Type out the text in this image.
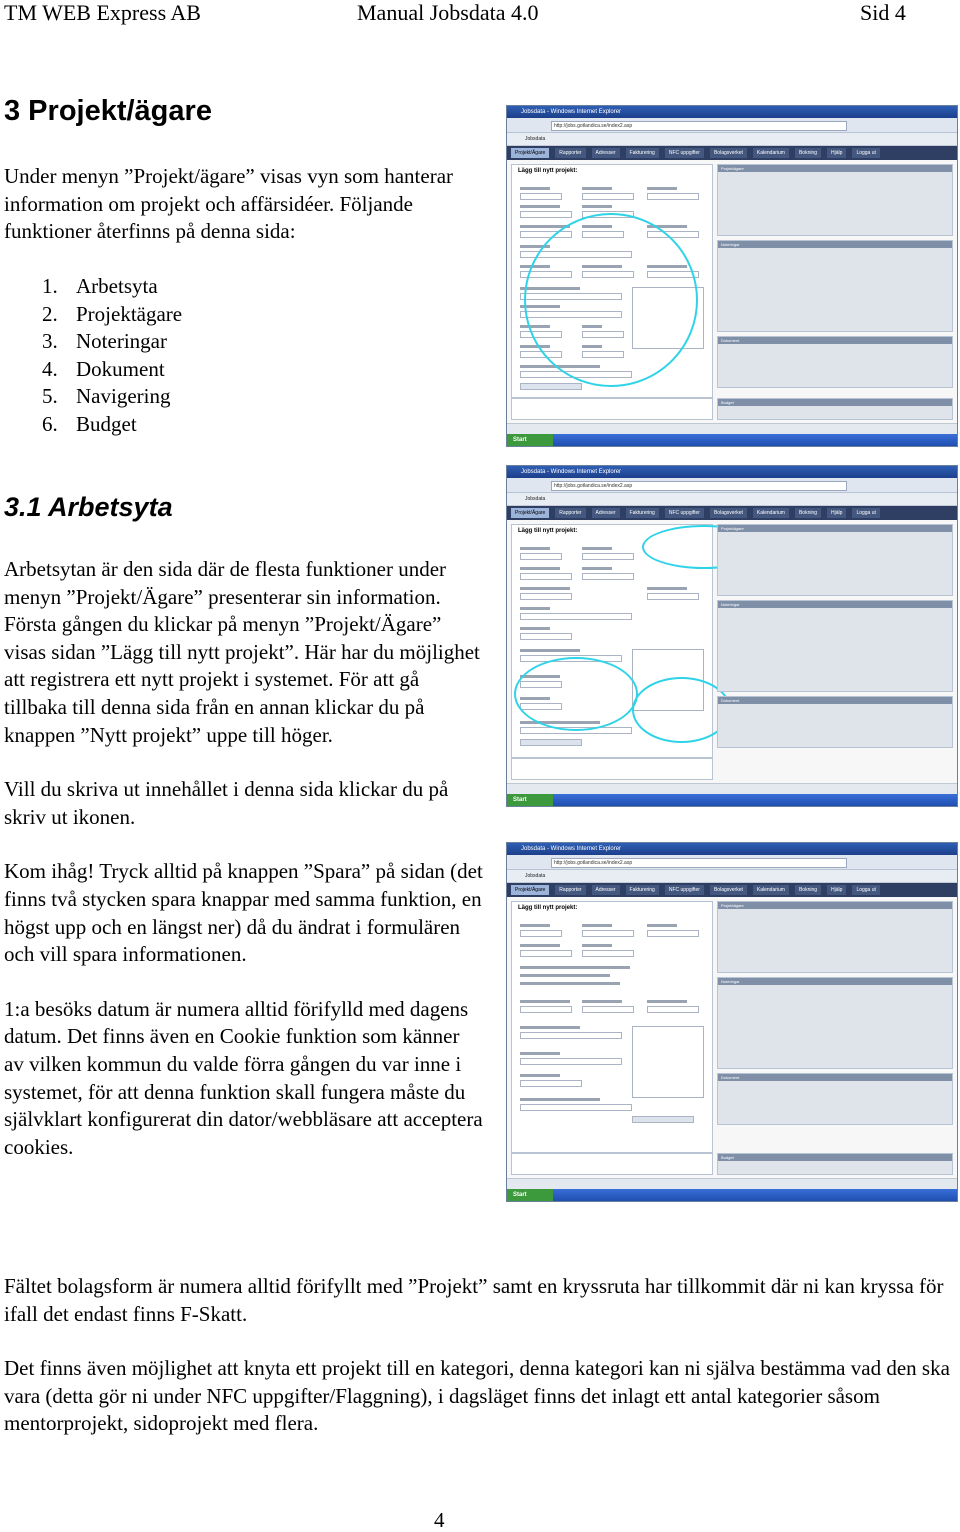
TM WEB Express AB	Manual Jobsdata 4.0	Sid 4
3 Projekt/ägare

Under menyn ”Projekt/ägare” visas vyn som hanterar information om projekt och affärsidéer. Följande funktioner återfinns på denna sida:

1. Arbetsyta
2. Projektägare
3. Noteringar
4. Dokument
5. Navigering
6. Budget
3.1 Arbetsyta

Arbetsytan är den sida där de flesta funktioner under menyn ”Projekt/Ägare” presenterar sin information. Första gången du klickar på menyn ”Projekt/Ägare” visas sidan ”Lägg till nytt projekt”. Här har du möjlighet att registrera ett nytt projekt i systemet. För att gå tillbaka till denna sida från en annan klickar du på knappen ”Nytt projekt” uppe till höger.

Vill du skriva ut innehållet i denna sida klickar du på skriv ut ikonen.

Kom ihåg! Tryck alltid på knappen ”Spara” på sidan (det finns två stycken spara knappar med samma funktion, en högst upp och en längst ner) då du ändrat i formulären och vill spara informationen.

1:a besöks datum är numera alltid förifylld med dagens datum. Det finns även en Cookie funktion som känner av vilken kommun du valde förra gången du var inne i systemet, för att denna funktion skall fungera måste du självklart konfigurerat din dator/webbläsare att acceptera cookies.

Fältet bolagsform är numera alltid förifyllt med ”Projekt” samt en kryssruta har tillkommit där ni kan kryssa för ifall det endast finns F-Skatt.

Det finns även möjlighet att knyta ett projekt till en kategori, denna kategori kan ni själva bestämma vad den ska vara (detta gör ni under NFC uppgifter/Flaggning), i dagsläget finns det inlagt ett antal kategorier såsom mentorprojekt, sidoprojekt med flera.

Jobsdata - Windows Internet Explorer
http://jobs.gotlandica.se/index2.asp
Jobsdata
Projekt/Ägare	Rapporter	Adresser	Fakturering	NFC uppgifter	Bolagsverket	Kalendarium	Bokning	Hjälp	Logga ut
Lägg till nytt projekt:	Projektägare
Noteringar
Dokument
Budget
Start
Jobsdata - Windows Internet Explorer
http://jobs.gotlandica.se/index2.asp
Jobsdata
Projekt/Ägare	Rapporter	Adresser	Fakturering	NFC uppgifter	Bolagsverket	Kalendarium	Bokning	Hjälp	Logga ut
Lägg till nytt projekt:	Projektägare
Noteringar
Dokument
Start
Jobsdata - Windows Internet Explorer
http://jobs.gotlandica.se/index2.asp
Jobsdata
Projekt/Ägare	Rapporter	Adresser	Fakturering	NFC uppgifter	Bolagsverket	Kalendarium	Bokning	Hjälp	Logga ut
Lägg till nytt projekt:	Projektägare
Noteringar
Dokument
Budget
Start
4
